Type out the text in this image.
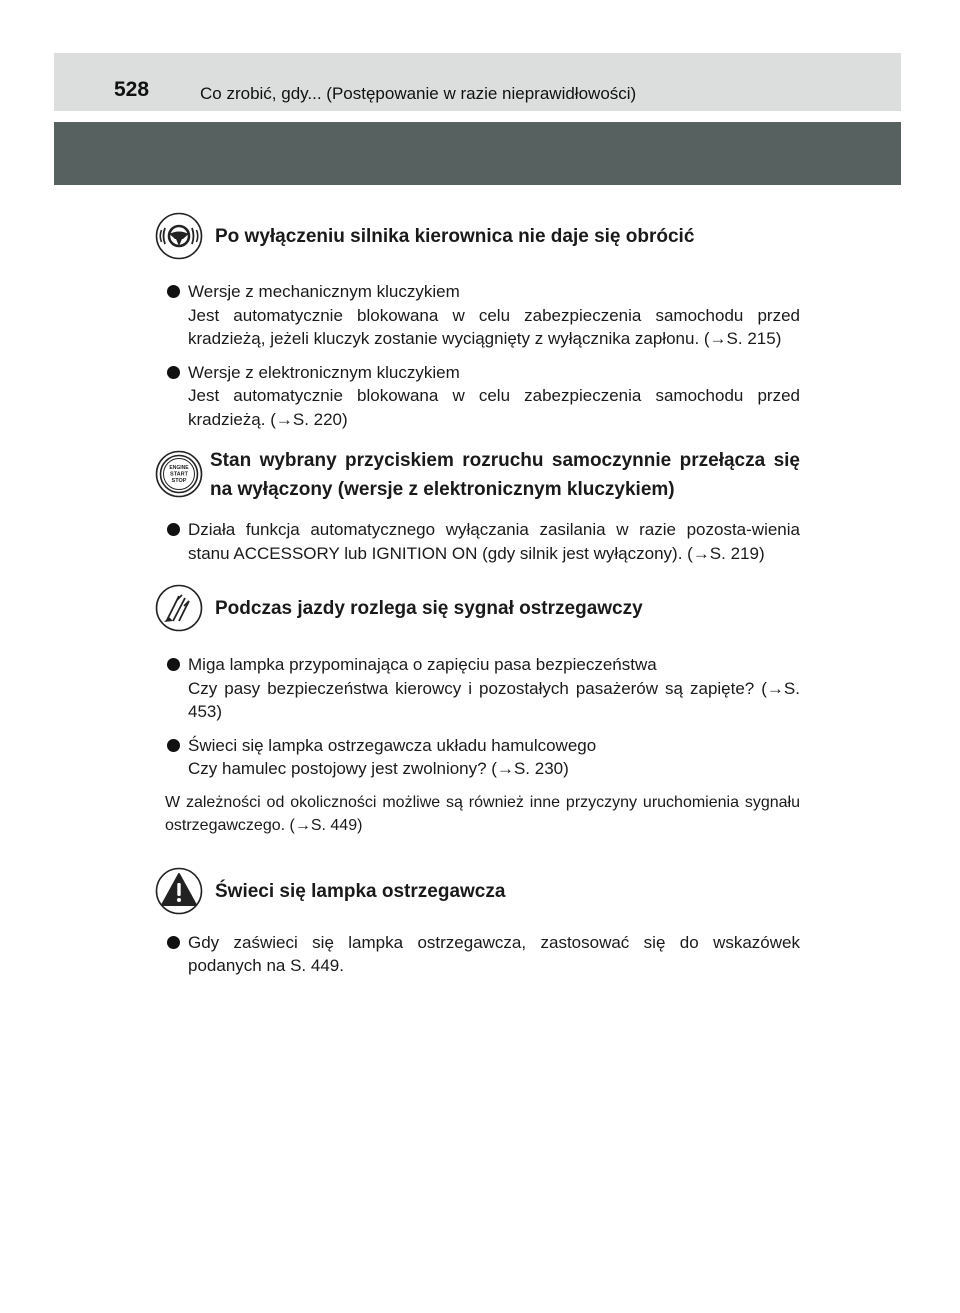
528	Co zrobić, gdy... (Postępowanie w razie nieprawidłowości)
Po wyłączeniu silnika kierownica nie daje się obrócić
Wersje z mechanicznym kluczykiem
Jest automatycznie blokowana w celu zabezpieczenia samochodu przed kradzieżą, jeżeli kluczyk zostanie wyciągnięty z wyłącznika zapłonu. (→S. 215)
Wersje z elektronicznym kluczykiem
Jest automatycznie blokowana w celu zabezpieczenia samochodu przed kradzieżą. (→S. 220)
ENGINE
START
STOP
Stan wybrany przyciskiem rozruchu samoczynnie przełącza się na wyłączony (wersje z elektronicznym kluczykiem)
Działa funkcja automatycznego wyłączania zasilania w razie pozosta-wienia stanu ACCESSORY lub IGNITION ON (gdy silnik jest wyłączony). (→S. 219)
Podczas jazdy rozlega się sygnał ostrzegawczy
Miga lampka przypominająca o zapięciu pasa bezpieczeństwa
Czy pasy bezpieczeństwa kierowcy i pozostałych pasażerów są zapięte? (→S. 453)
Świeci się lampka ostrzegawcza układu hamulcowego
Czy hamulec postojowy jest zwolniony? (→S. 230)
W zależności od okoliczności możliwe są również inne przyczyny uruchomienia sygnału ostrzegawczego. (→S. 449)
Świeci się lampka ostrzegawcza
Gdy zaświeci się lampka ostrzegawcza, zastosować się do wskazówek podanych na S. 449.
